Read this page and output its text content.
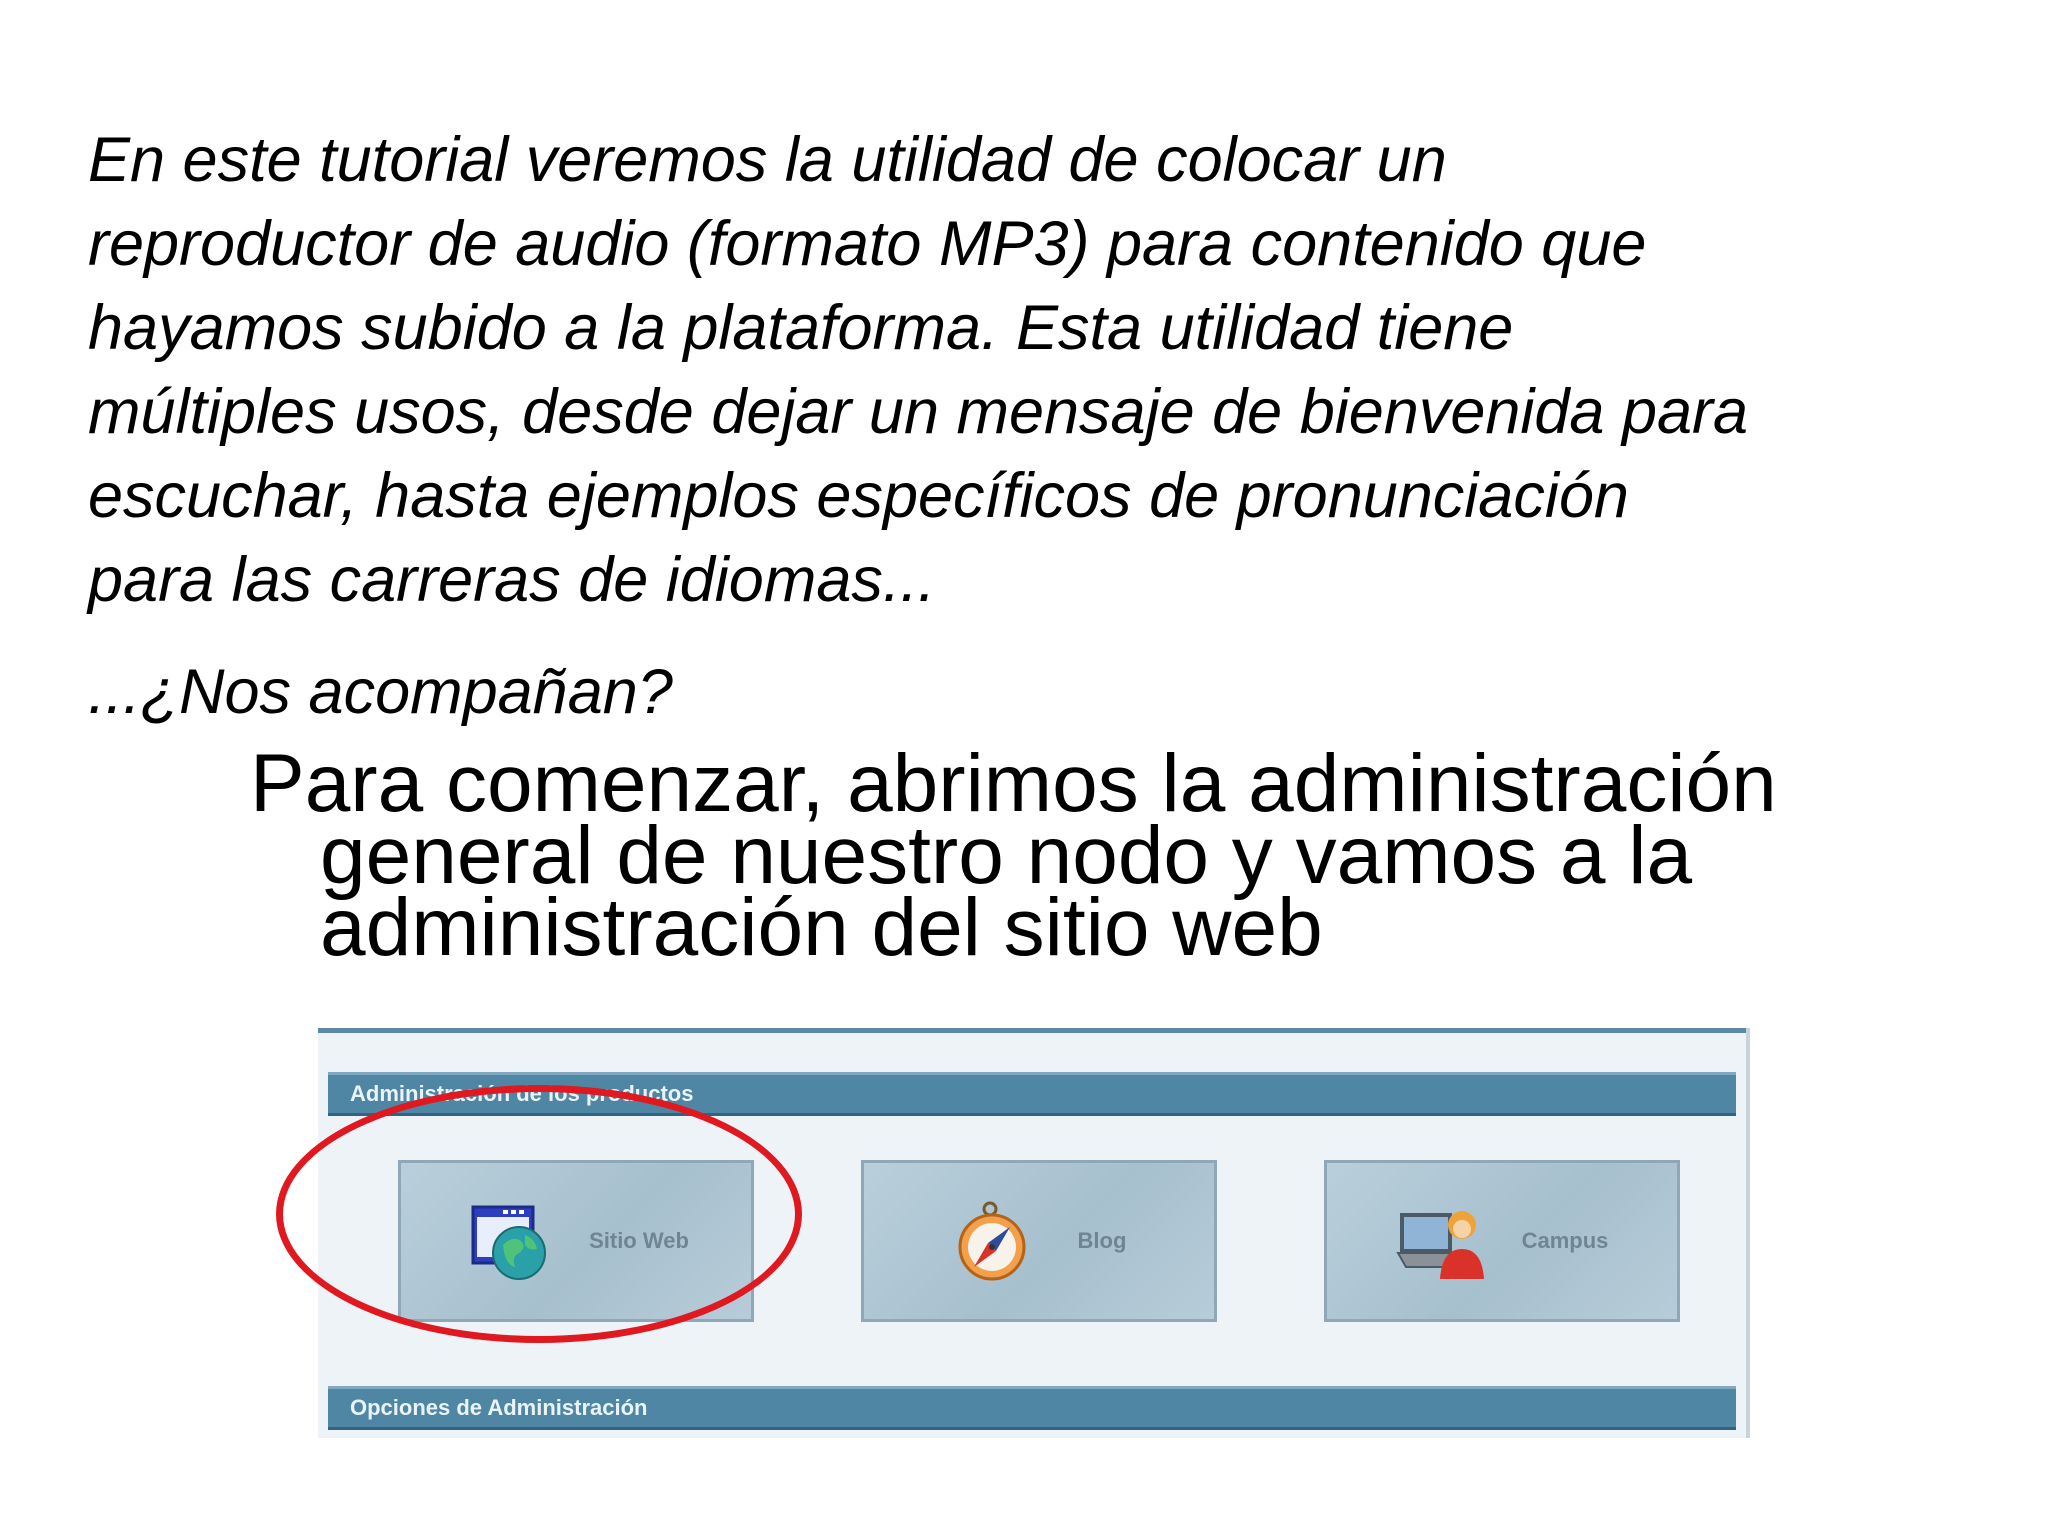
En este tutorial veremos la utilidad de colocar un
reproductor de audio (formato MP3) para contenido que
hayamos subido a la plataforma. Esta utilidad tiene
múltiples usos, desde dejar un mensaje de bienvenida para
escuchar, hasta ejemplos específicos de pronunciación
para las carreras de idiomas...

...¿Nos acompañan?

Para comenzar, abrimos la administración general de nuestro nodo y vamos a la administración del sitio web

Administración de los productos
Sitio Web	Blog	Campus
Opciones de Administración
